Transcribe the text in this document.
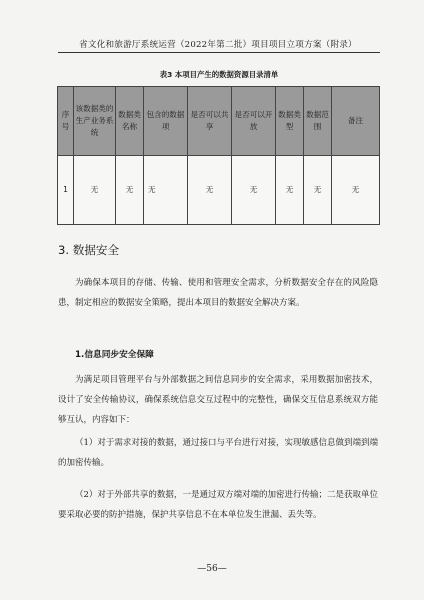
省文化和旅游厅系统运营（2022年第二批）项目项目立项方案（附录）
表3 本项目产生的数据资源目录清单
序号	该数据类的生产业务系统	数据类名称	包含的数据项	是否可以共享	是否可以开放	数据类型	数据范围	备注
1	无	无	无	无	无	无	无	无
3. 数据安全
为确保本项目的存储、传输、使用和管理安全需求，分析数据安全存在的风险隐患，制定相应的数据安全策略，提出本项目的数据安全解决方案。
1.信息同步安全保障
为满足项目管理平台与外部数据之间信息同步的安全需求，采用数据加密技术，设计了安全传输协议，确保系统信息交互过程中的完整性，确保交互信息系统双方能够互认，内容如下：
（1）对于需求对接的数据，通过接口与平台进行对接，实现敏感信息做到端到端的加密传输。
（2）对于外部共享的数据，一是通过双方端对端的加密进行传输；二是获取单位要采取必要的防护措施，保护共享信息不在本单位发生泄漏、丢失等。
—56—
